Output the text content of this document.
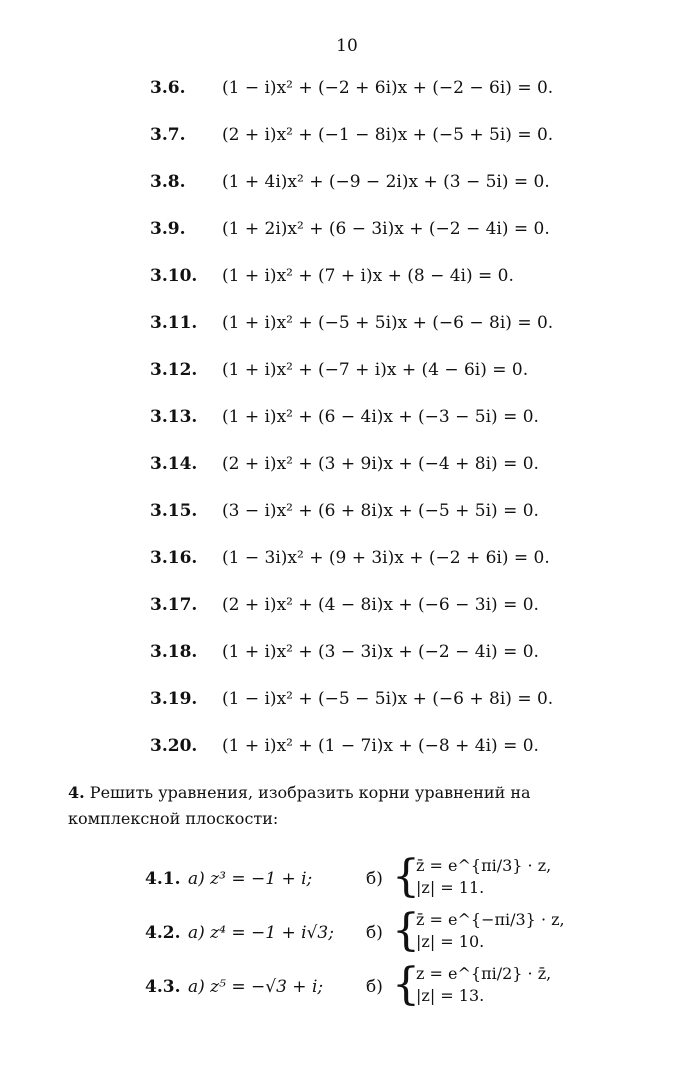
10
3.6. (1 − i)x² + (−2 + 6i)x + (−2 − 6i) = 0.
3.7. (2 + i)x² + (−1 − 8i)x + (−5 + 5i) = 0.
3.8. (1 + 4i)x² + (−9 − 2i)x + (3 − 5i) = 0.
3.9. (1 + 2i)x² + (6 − 3i)x + (−2 − 4i) = 0.
3.10. (1 + i)x² + (7 + i)x + (8 − 4i) = 0.
3.11. (1 + i)x² + (−5 + 5i)x + (−6 − 8i) = 0.
3.12. (1 + i)x² + (−7 + i)x + (4 − 6i) = 0.
3.13. (1 + i)x² + (6 − 4i)x + (−3 − 5i) = 0.
3.14. (2 + i)x² + (3 + 9i)x + (−4 + 8i) = 0.
3.15. (3 − i)x² + (6 + 8i)x + (−5 + 5i) = 0.
3.16. (1 − 3i)x² + (9 + 3i)x + (−2 + 6i) = 0.
3.17. (2 + i)x² + (4 − 8i)x + (−6 − 3i) = 0.
3.18. (1 + i)x² + (3 − 3i)x + (−2 − 4i) = 0.
3.19. (1 − i)x² + (−5 − 5i)x + (−6 + 8i) = 0.
3.20. (1 + i)x² + (1 − 7i)x + (−8 + 4i) = 0.
4. Решить уравнения, изобразить корни уравнений на комплексной плоскости:
4.1. a) z³ = −1 + i;	б) {
z̄ = e^{πi/3} · z,
|z| = 11.
4.2. a) z⁴ = −1 + i√3; б) {
z̄ = e^{−πi/3} · z,
|z| = 10.
4.3. a) z⁵ = −√3 + i;	б) {
z = e^{πi/2} · z̄,
|z| = 13.
